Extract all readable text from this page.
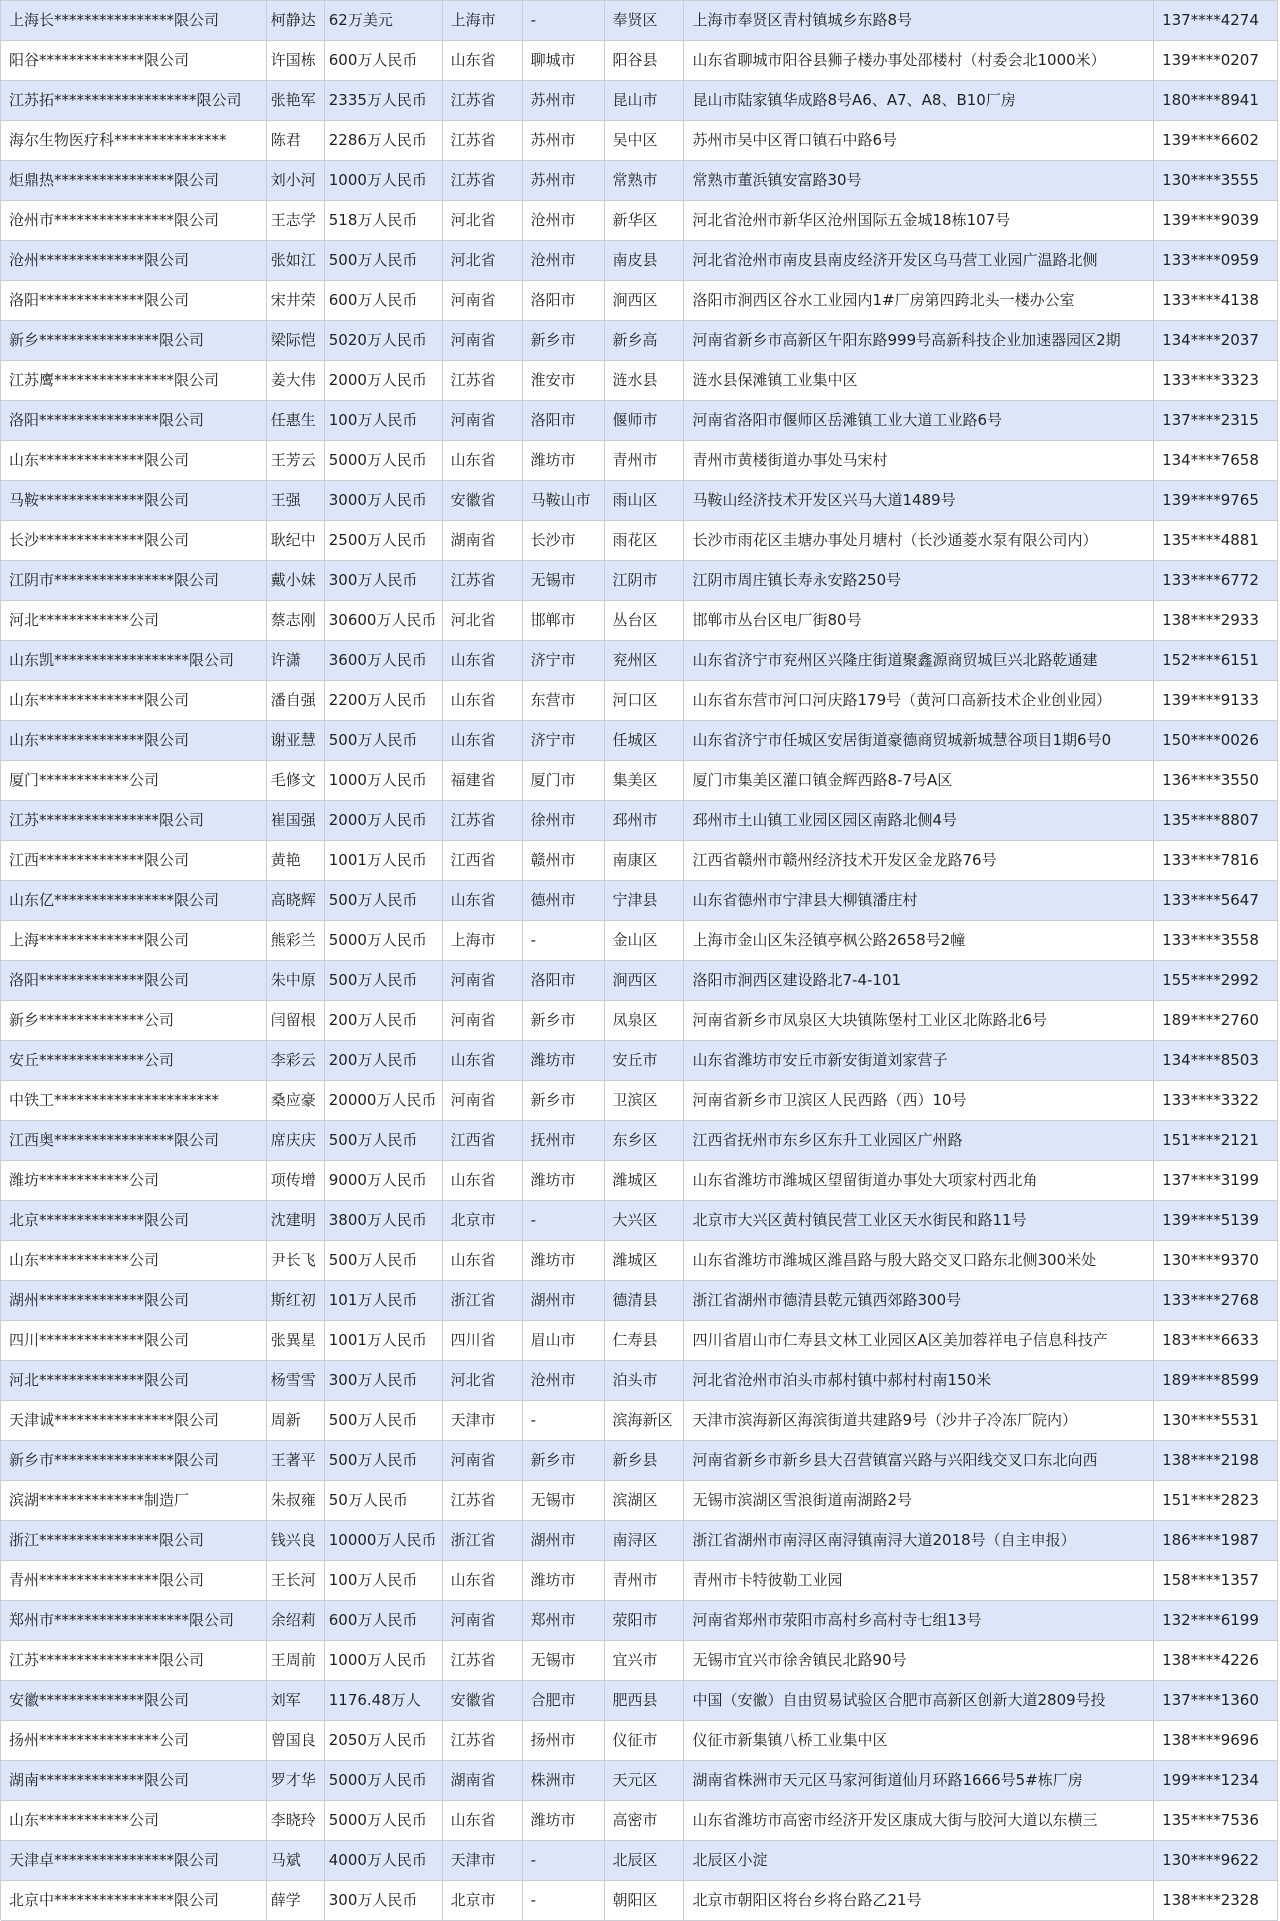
上海长****************限公司	柯静达 62万美元	上海市	-	奉贤区	上海市奉贤区青村镇城乡东路8号	137****4274
阳谷**************限公司	许国栋 600万人民币	山东省	聊城市	阳谷县	山东省聊城市阳谷县狮子楼办事处邵楼村（村委会北1000米）	139****0207
江苏拓*******************限公司	张艳军 2335万人民币	江苏省	苏州市	昆山市	昆山市陆家镇华成路8号A6、A7、A8、B10厂房	180****8941
海尔生物医疗科***************	陈君	2286万人民币	江苏省	苏州市	吴中区	苏州市吴中区胥口镇石中路6号	139****6602
炬鼎热****************限公司	刘小河 1000万人民币	江苏省	苏州市	常熟市	常熟市董浜镇安富路30号	130****3555
沧州市****************限公司	王志学 518万人民币	河北省	沧州市	新华区	河北省沧州市新华区沧州国际五金城18栋107号	139****9039
沧州**************限公司	张如江 500万人民币	河北省	沧州市	南皮县	河北省沧州市南皮县南皮经济开发区乌马营工业园广温路北侧	133****0959
洛阳**************限公司	宋井荣 600万人民币	河南省	洛阳市	涧西区	洛阳市涧西区谷水工业园内1#厂房第四跨北头一楼办公室	133****4138
新乡****************限公司	梁际恺 5020万人民币	河南省	新乡市	新乡高	河南省新乡市高新区午阳东路999号高新科技企业加速器园区2期	134****2037
江苏鹰****************限公司	姜大伟 2000万人民币	江苏省	淮安市	涟水县	涟水县保滩镇工业集中区	133****3323
洛阳****************限公司	任惠生 100万人民币	河南省	洛阳市	偃师市	河南省洛阳市偃师区岳滩镇工业大道工业路6号	137****2315
山东**************限公司	王芳云 5000万人民币	山东省	潍坊市	青州市	青州市黄楼街道办事处马宋村	134****7658
马鞍**************限公司	王强	3000万人民币	安徽省	马鞍山市	雨山区	马鞍山经济技术开发区兴马大道1489号	139****9765
长沙**************限公司	耿纪中 2500万人民币	湖南省	长沙市	雨花区	长沙市雨花区圭塘办事处月塘村（长沙通菱水泵有限公司内）	135****4881
江阴市****************限公司	戴小妹 300万人民币	江苏省	无锡市	江阴市	江阴市周庄镇长寿永安路250号	133****6772
河北************公司	蔡志刚 30600万人民币 河北省	邯郸市	丛台区	邯郸市丛台区电厂街80号	138****2933
山东凯******************限公司	许潇	3600万人民币	山东省	济宁市	兖州区	山东省济宁市兖州区兴隆庄街道聚鑫源商贸城巨兴北路乾通建	152****6151
山东**************限公司	潘自强 2200万人民币	山东省	东营市	河口区	山东省东营市河口河庆路179号（黄河口高新技术企业创业园）	139****9133
山东**************限公司	谢亚慧 500万人民币	山东省	济宁市	任城区	山东省济宁市任城区安居街道豪德商贸城新城慧谷项目1期6号0	150****0026
厦门************公司	毛修文 1000万人民币	福建省	厦门市	集美区	厦门市集美区灌口镇金辉西路8-7号A区	136****3550
江苏****************限公司	崔国强 2000万人民币	江苏省	徐州市	邳州市	邳州市土山镇工业园区园区南路北侧4号	135****8807
江西**************限公司	黄艳	1001万人民币	江西省	赣州市	南康区	江西省赣州市赣州经济技术开发区金龙路76号	133****7816
山东亿****************限公司	高晓辉 500万人民币	山东省	德州市	宁津县	山东省德州市宁津县大柳镇潘庄村	133****5647
上海**************限公司	熊彩兰 5000万人民币	上海市	-	金山区	上海市金山区朱泾镇亭枫公路2658号2幢	133****3558
洛阳**************限公司	朱中原 500万人民币	河南省	洛阳市	涧西区	洛阳市涧西区建设路北7-4-101	155****2992
新乡**************公司	闫留根 200万人民币	河南省	新乡市	凤泉区	河南省新乡市凤泉区大块镇陈堡村工业区北陈路北6号	189****2760
安丘**************公司	李彩云 200万人民币	山东省	潍坊市	安丘市	山东省潍坊市安丘市新安街道刘家营子	134****8503
中铁工**********************	桑应豪 20000万人民币 河南省	新乡市	卫滨区	河南省新乡市卫滨区人民西路（西）10号	133****3322
江西奥****************限公司	席庆庆 500万人民币	江西省	抚州市	东乡区	江西省抚州市东乡区东升工业园区广州路	151****2121
潍坊************公司	项传增 9000万人民币	山东省	潍坊市	潍城区	山东省潍坊市潍城区望留街道办事处大项家村西北角	137****3199
北京**************限公司	沈建明 3800万人民币	北京市	-	大兴区	北京市大兴区黄村镇民营工业区天水街民和路11号	139****5139
山东************公司	尹长飞 500万人民币	山东省	潍坊市	潍城区	山东省潍坊市潍城区潍昌路与殷大路交叉口路东北侧300米处	130****9370
湖州**************限公司	斯红初 101万人民币	浙江省	湖州市	德清县	浙江省湖州市德清县乾元镇西郊路300号	133****2768
四川**************限公司	张異星 1001万人民币	四川省	眉山市	仁寿县	四川省眉山市仁寿县文林工业园区A区美加蓉祥电子信息科技产	183****6633
河北**************限公司	杨雪雪 300万人民币	河北省	沧州市	泊头市	河北省沧州市泊头市郝村镇中郝村村南150米	189****8599
天津诚****************限公司	周新	500万人民币	天津市	-	滨海新区	天津市滨海新区海滨街道共建路9号（沙井子冷冻厂院内）	130****5531
新乡市****************限公司	王著平 500万人民币	河南省	新乡市	新乡县	河南省新乡市新乡县大召营镇富兴路与兴阳线交叉口东北向西	138****2198
滨湖**************制造厂	朱叔雍 50万人民币	江苏省	无锡市	滨湖区	无锡市滨湖区雪浪街道南湖路2号	151****2823
浙江****************限公司	钱兴良 10000万人民币 浙江省	湖州市	南浔区	浙江省湖州市南浔区南浔镇南浔大道2018号（自主申报）	186****1987
青州****************限公司	王长河 100万人民币	山东省	潍坊市	青州市	青州市卡特彼勒工业园	158****1357
郑州市******************限公司	余绍莉 600万人民币	河南省	郑州市	荥阳市	河南省郑州市荥阳市高村乡高村寺七组13号	132****6199
江苏****************限公司	王周前 1000万人民币	江苏省	无锡市	宜兴市	无锡市宜兴市徐舍镇民北路90号	138****4226
安徽**************限公司	刘军	1176.48万人	安徽省	合肥市	肥西县	中国（安徽）自由贸易试验区合肥市高新区创新大道2809号投	137****1360
扬州****************公司	曾国良 2050万人民币	江苏省	扬州市	仪征市	仪征市新集镇八桥工业集中区	138****9696
湖南**************限公司	罗才华 5000万人民币	湖南省	株洲市	天元区	湖南省株洲市天元区马家河街道仙月环路1666号5#栋厂房	199****1234
山东************公司	李晓玲 5000万人民币	山东省	潍坊市	高密市	山东省潍坊市高密市经济开发区康成大街与胶河大道以东横三	135****7536
天津卓****************限公司	马斌	4000万人民币	天津市	-	北辰区	北辰区小淀	130****9622
北京中****************限公司	薛学	300万人民币	北京市	-	朝阳区	北京市朝阳区将台乡将台路乙21号	138****2328
